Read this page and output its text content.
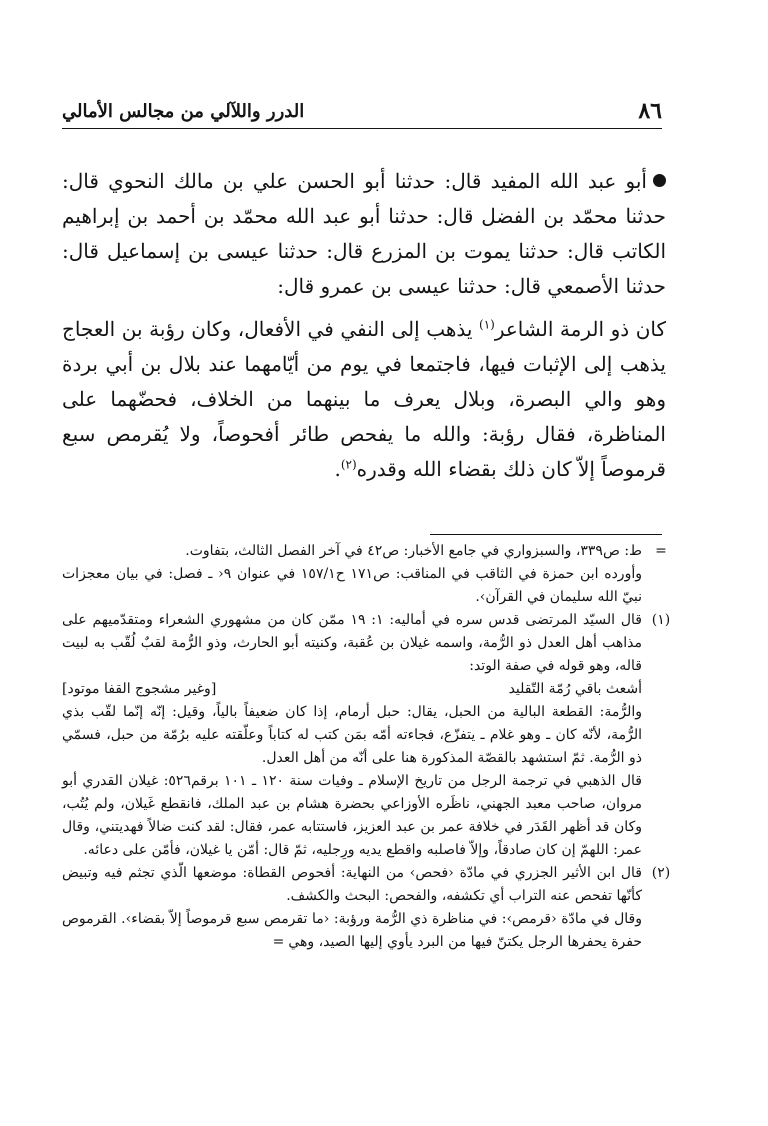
٨٦
الدرر واللآلي من مجالس الأمالي

أبو عبد الله المفيد قال: حدثنا أبو الحسن علي بن مالك النحوي قال: حدثنا محمّد بن الفضل قال: حدثنا أبو عبد الله محمّد بن أحمد بن إبراهيم الكاتب قال: حدثنا يموت بن المزرع قال: حدثنا عيسى بن إسماعيل قال: حدثنا الأصمعي قال: حدثنا عيسى بن عمرو قال:

كان ذو الرمة الشاعر$^{(١)}$ يذهب إلى النفي في الأفعال، وكان رؤبة بن العجاج يذهب إلى الإثبات فيها، فاجتمعا في يوم من أيّامهما عند بلال بن أبي بردة وهو والي البصرة، وبلال يعرف ما بينهما من الخلاف، فحضّهما على المناظرة، فقال رؤبة: والله ما يفحص طائر أفحوصاً، ولا يُقرمص سبع قرموصاً إلاّ كان ذلك بقضاء الله وقدره$^{(٢)}$.

=

ط: ص٣٣٩، والسبزواري في جامع الأخبار: ص٤٢ في آخر الفصل الثالث، بتفاوت.

وأورده ابن حمزة في الثاقب في المناقب: ص١٧١ ح١٥٧/١ في عنوان ٩‹ ـ فصل: في بيان معجزات نبيّ الله سليمان في القرآن›.

(١)

قال السيّد المرتضى قدس سره في أماليه: ١: ١٩ ممّن كان من مشهوري الشعراء ومتقدّميهم على مذاهب أهل العدل ذو الرُّمة، واسمه غيلان بن عُقبة، وكنيته أبو الحارث، وذو الرُّمة لقبٌ لُقّب به لبيت قاله، وهو قوله في صفة الوتد:

أشعث باقي رُمّة التّقليد
[وغير مشجوج القفا موتود]

والرُّمة: القطعة البالية من الحبل، يقال: حبل أرمام، إذا كان ضعيفاً بالياً، وقيل: إنّه إنّما لقّب بذي الرُّمة، لأنّه كان ـ وهو غلام ـ يتفزّع، فجاءته أمّه بمَن كتب له كتاباً وعلّقته عليه برُمّة من حبل، فسمّي ذو الرُّمة. ثمّ استشهد بالقصّة المذكورة هنا على أنّه من أهل العدل.

قال الذهبي في ترجمة الرجل من تاريخ الإسلام ـ وفيات سنة ١٢٠ ـ ١٠١ برقم٥٢٦: غيلان القدري أبو مروان، صاحب معبد الجهني، ناظَره الأوزاعي بحضرة هشام بن عبد الملك، فانقطع غَيلان، ولم يُتُب، وكان قد أظهر القَدَر في خلافة عمر بن عبد العزيز، فاستتابه عمر، فقال: لقد كنت ضالاً فهديتني، وقال عمر: اللهمّ إن كان صادقاً، وإلاّ فاصلبه واقطع يديه ورِجليه، ثمّ قال: أمّن يا غيلان، فأمّن على دعائه.

(٢)

قال ابن الأثير الجزري في مادّة ‹فحص› من النهاية: أفحوص القطاة: موضعها الّذي تجثم فيه وتبيض كأنّها تفحص عنه التراب أي تكشفه، والفحص: البحث والكشف.

وقال في مادّة ‹قرمص›: في مناظرة ذي الرُّمة ورؤبة: ‹ما تقرمص سبع قرموصاً إلاّ بقضاء›. القرموص حفرة يحفرها الرجل يكتنّ فيها من البرد يأوي إليها الصيد، وهي=
